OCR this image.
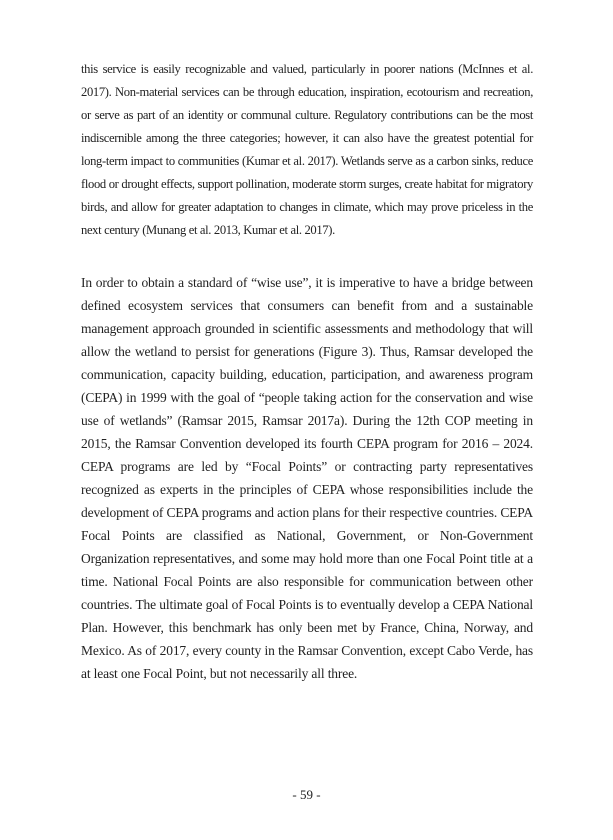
this service is easily recognizable and valued, particularly in poorer nations (McInnes et al. 2017). Non-material services can be through education, inspiration, ecotourism and recreation, or serve as part of an identity or communal culture. Regulatory contributions can be the most indiscernible among the three categories; however, it can also have the greatest potential for long-term impact to communities (Kumar et al. 2017). Wetlands serve as a carbon sinks, reduce flood or drought effects, support pollination, moderate storm surges, create habitat for migratory birds, and allow for greater adaptation to changes in climate, which may prove priceless in the next century (Munang et al. 2013, Kumar et al. 2017).

In order to obtain a standard of “wise use”, it is imperative to have a bridge between defined ecosystem services that consumers can benefit from and a sustainable management approach grounded in scientific assessments and methodology that will allow the wetland to persist for generations (Figure 3). Thus, Ramsar developed the communication, capacity building, education, participation, and awareness program (CEPA) in 1999 with the goal of “people taking action for the conservation and wise use of wetlands” (Ramsar 2015, Ramsar 2017a). During the 12th COP meeting in 2015, the Ramsar Convention developed its fourth CEPA program for 2016 – 2024. CEPA programs are led by “Focal Points” or contracting party representatives recognized as experts in the principles of CEPA whose responsibilities include the development of CEPA programs and action plans for their respective countries. CEPA Focal Points are classified as National, Government, or Non-Government Organization representatives, and some may hold more than one Focal Point title at a time. National Focal Points are also responsible for communication between other countries. The ultimate goal of Focal Points is to eventually develop a CEPA National Plan. However, this benchmark has only been met by France, China, Norway, and Mexico. As of 2017, every county in the Ramsar Convention, except Cabo Verde, has at least one Focal Point, but not necessarily all three.

- 59 -
